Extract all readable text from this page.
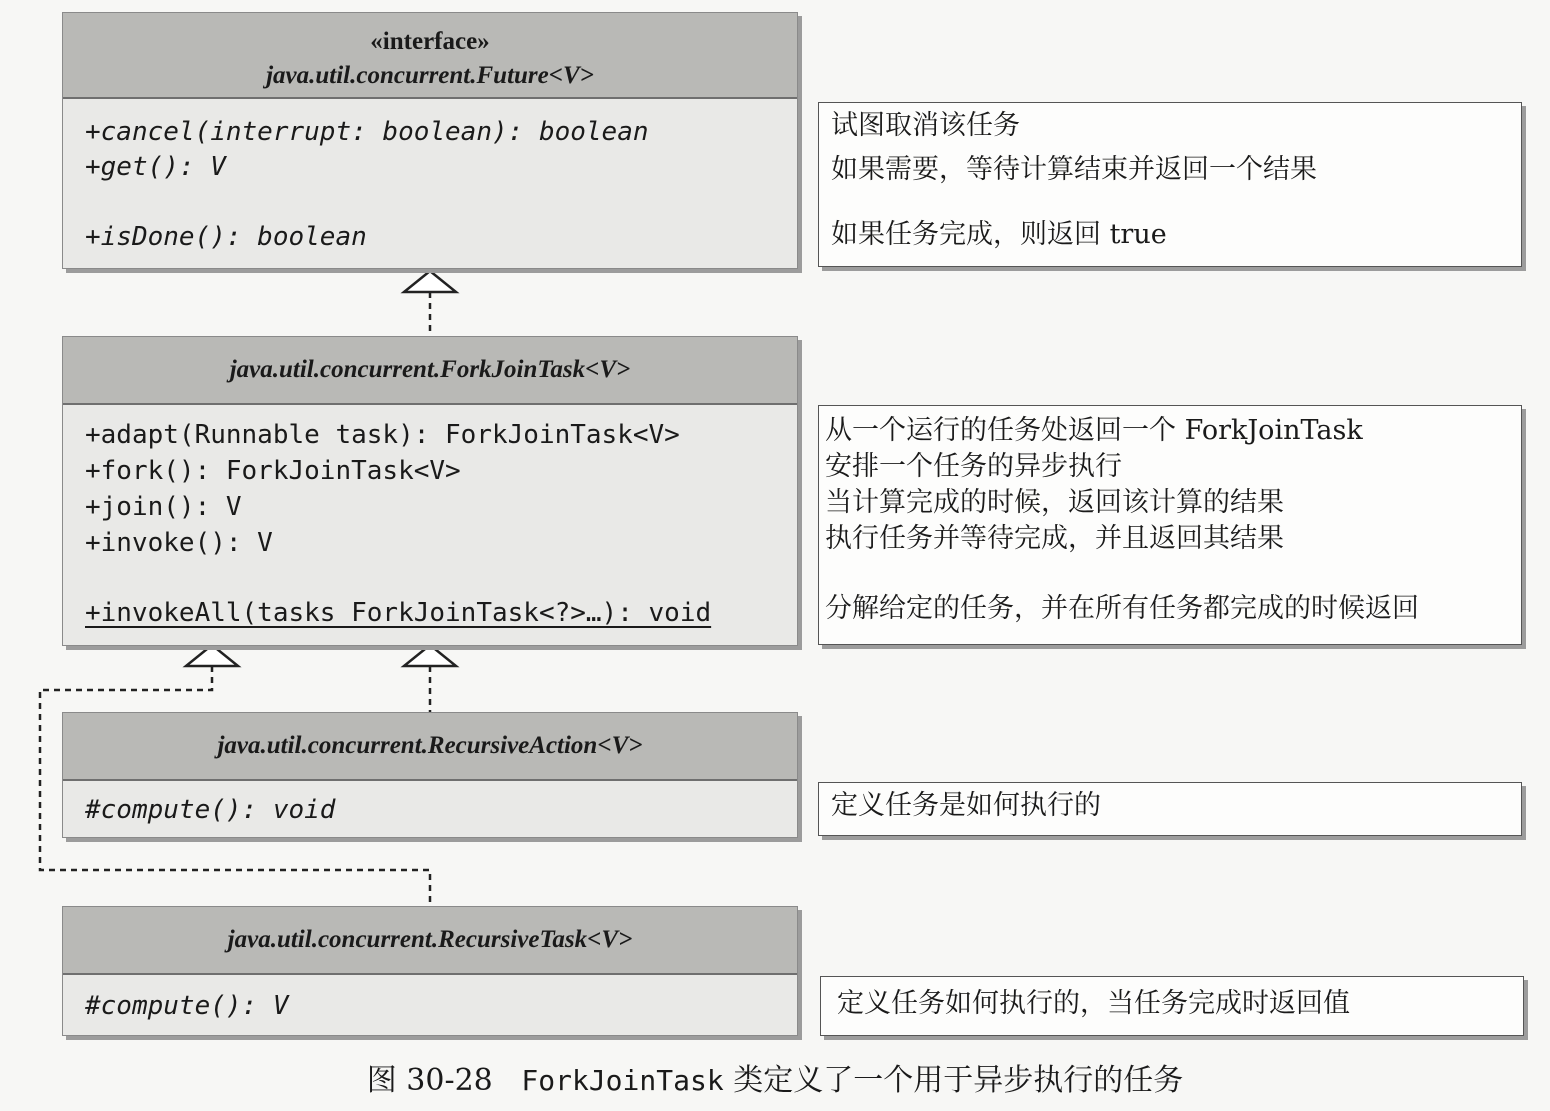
«interface»
java.util.concurrent.Future<V>
+cancel(interrupt: boolean): boolean
+get(): V
+isDone(): boolean
试图取消该任务
如果需要，等待计算结束并返回一个结果
如果任务完成，则返回 true
java.util.concurrent.ForkJoinTask<V>
+adapt(Runnable task): ForkJoinTask<V>
+fork(): ForkJoinTask<V>
+join(): V
+invoke(): V
+invokeAll(tasks ForkJoinTask<?>…): void
从一个运行的任务处返回一个 ForkJoinTask
安排一个任务的异步执行
当计算完成的时候，返回该计算的结果
执行任务并等待完成，并且返回其结果
分解给定的任务，并在所有任务都完成的时候返回
java.util.concurrent.RecursiveAction<V>
#compute(): void	定义任务是如何执行的
java.util.concurrent.RecursiveTask<V>
#compute(): V	定义任务如何执行的，当任务完成时返回值
图 30-28 ForkJoinTask 类定义了一个用于异步执行的任务
